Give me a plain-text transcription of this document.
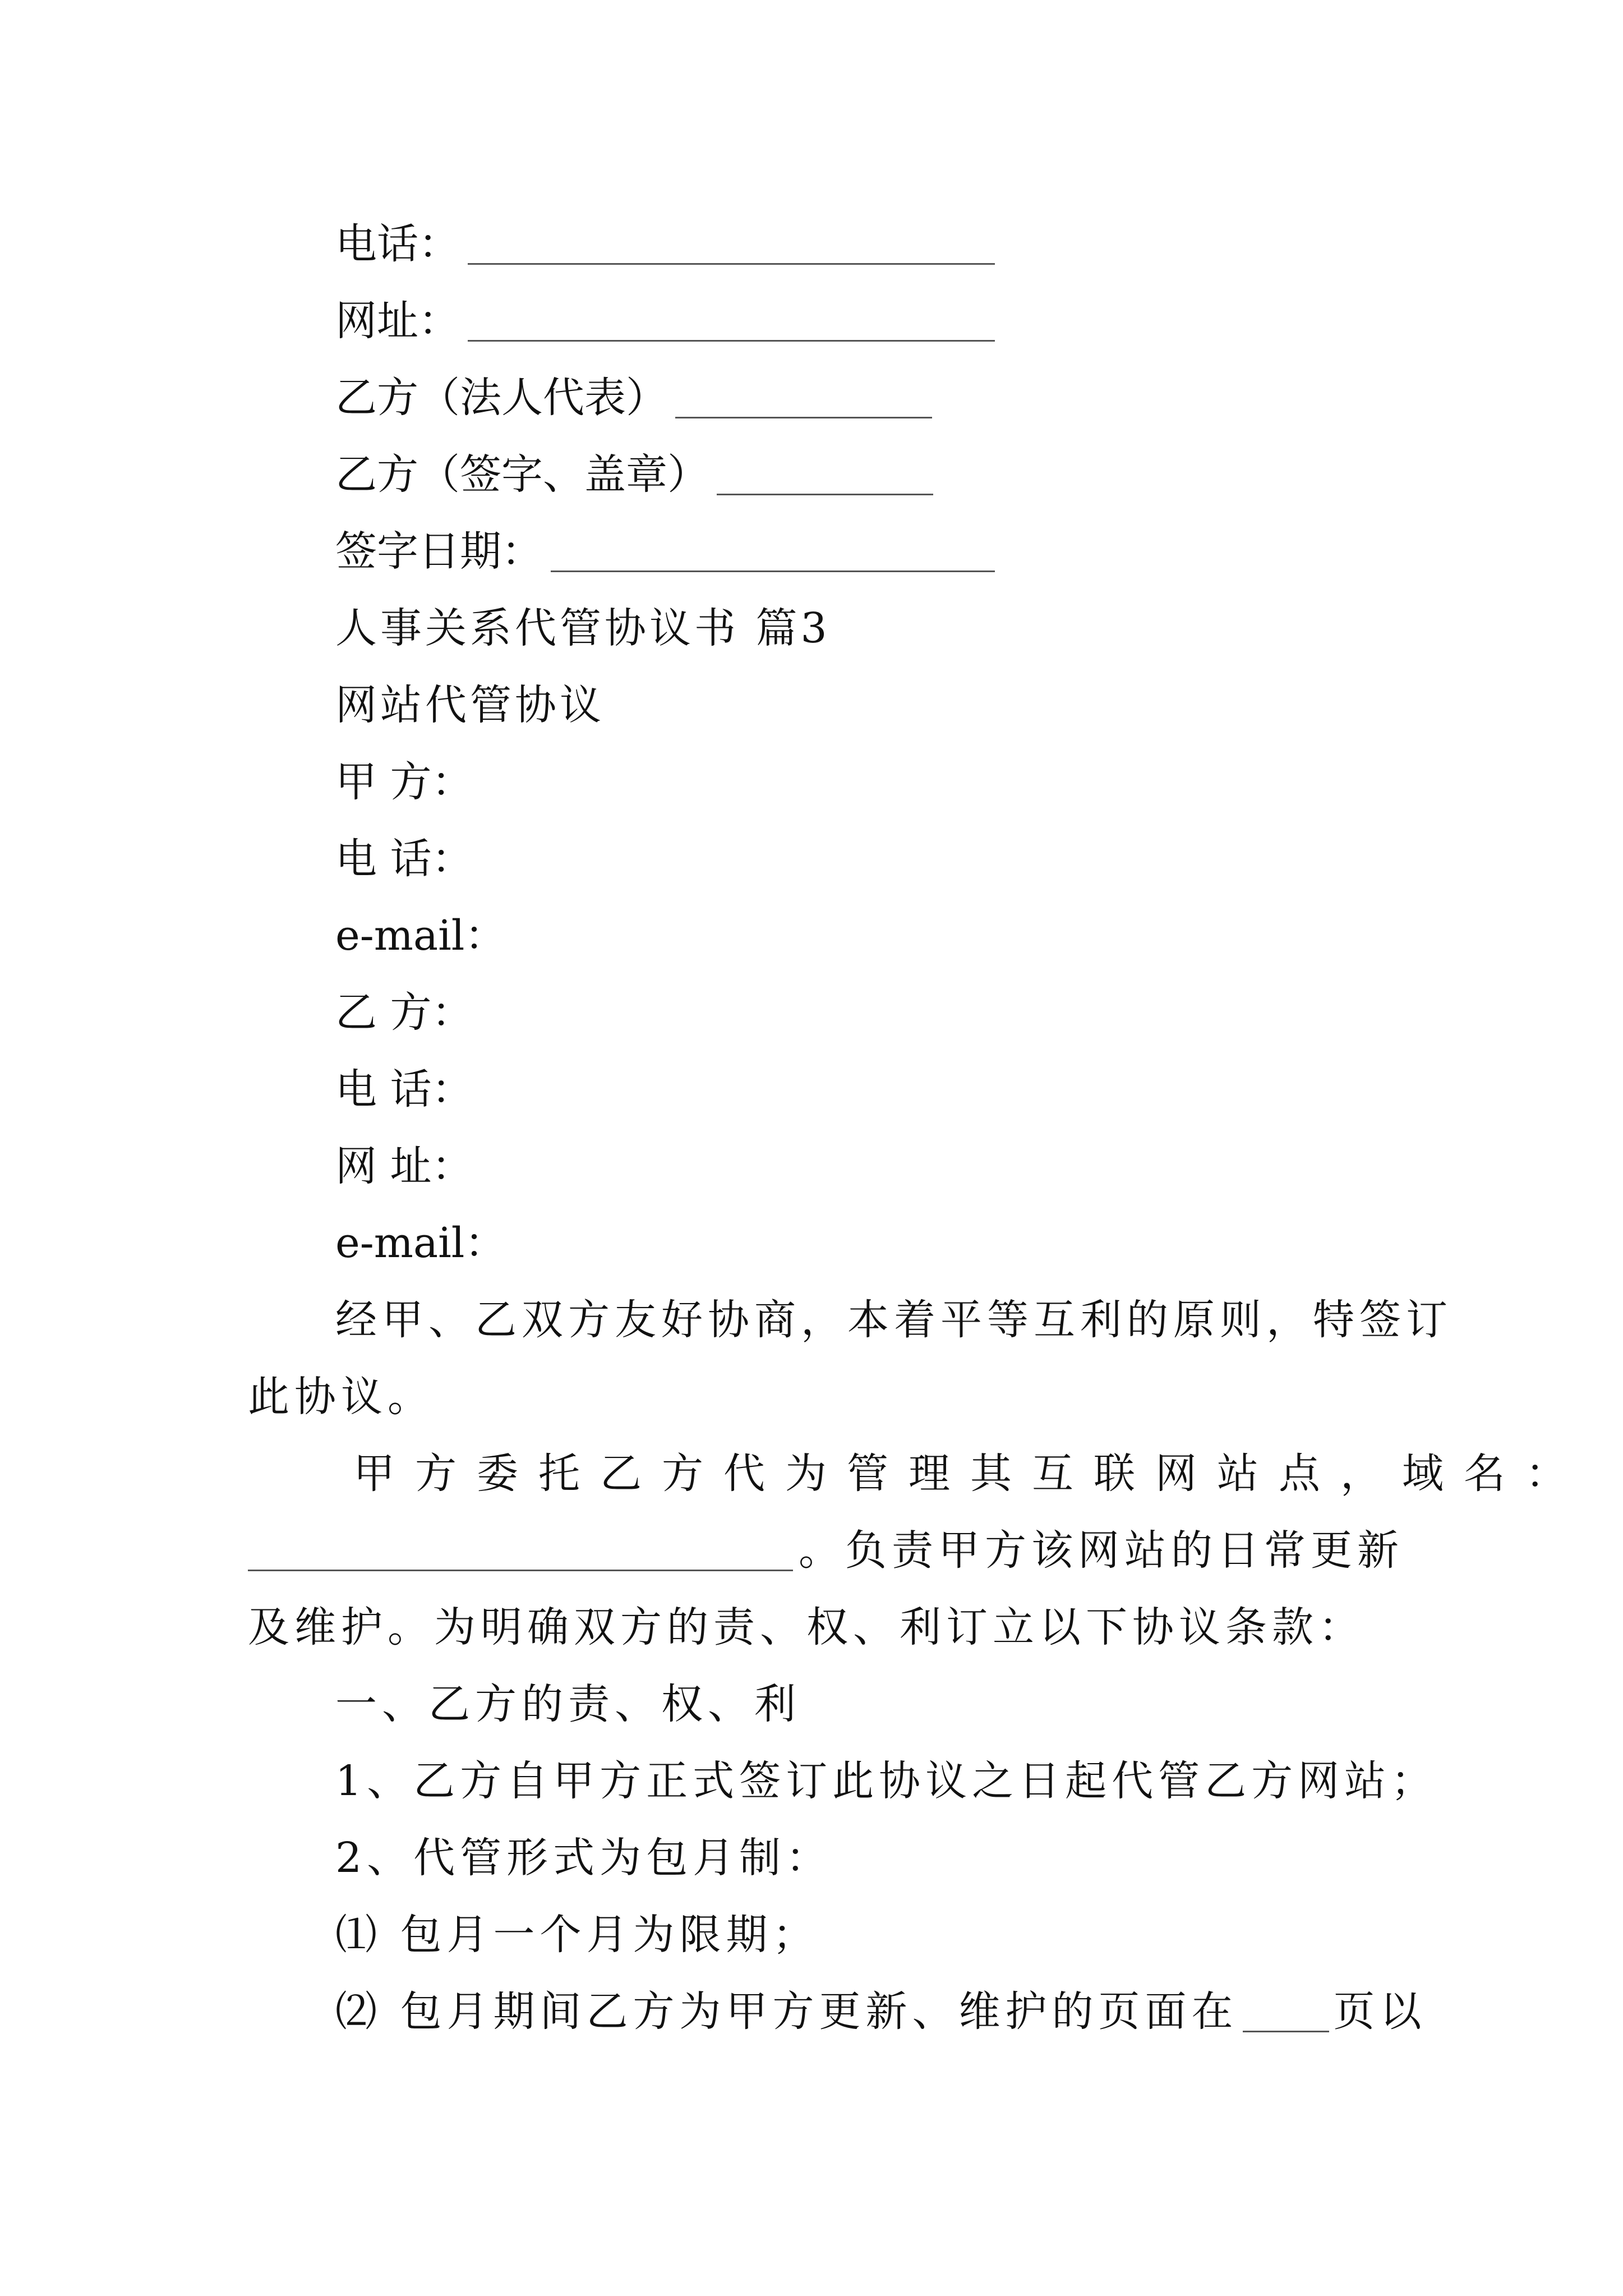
电话：
网址：
乙方（法人代表）
乙方（签字、盖章）
签字日期：
人事关系代管协议书 篇3
网站代管协议
甲 方：
电 话：
e-mail：
乙 方：
电 话：
网 址：
e-mail：
经甲、乙双方友好协商，本着平等互利的原则，特签订
此协议。
甲方委托乙方代为管理其互联网站点，域名：
。负责甲方该网站的日常更新
及维护。为明确双方的责、权、利订立以下协议条款：
一、乙方的责、权、利
1、乙方自甲方正式签订此协议之日起代管乙方网站；
2、代管形式为包月制：
⑴ 包月一个月为限期；
⑵ 包月期间乙方为甲方更新、维护的页面在 页以
